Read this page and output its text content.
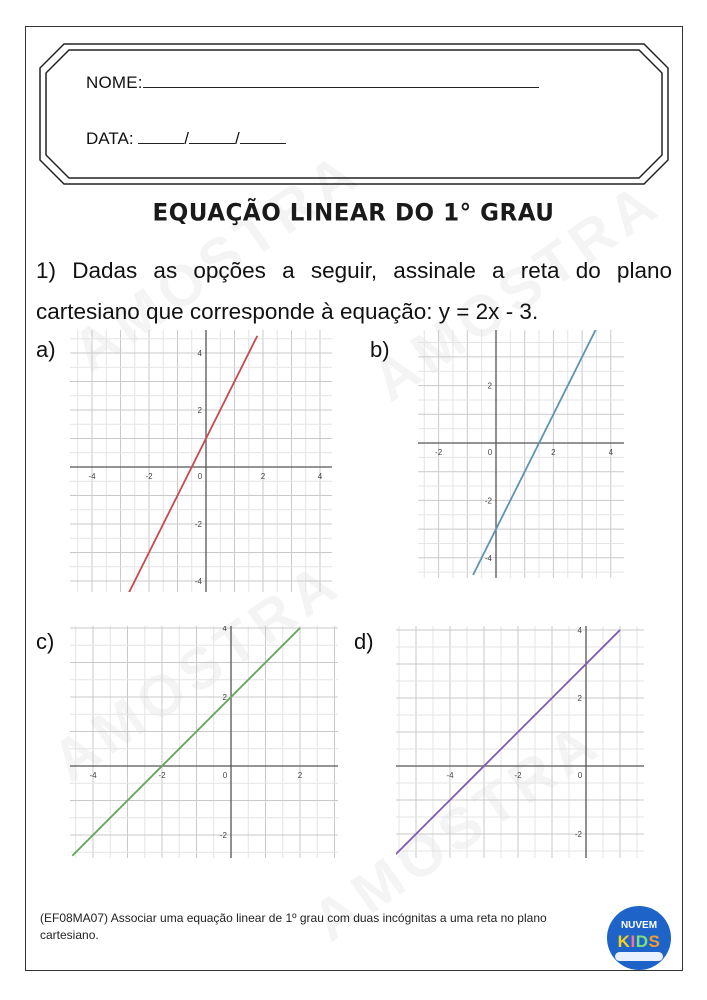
NOME:
DATA:	/	/
EQUAÇÃO LINEAR DO 1° GRAU
1) Dadas as opções a seguir, assinale a reta do plano cartesiano que corresponde à equação: y = 2x - 3.
a)	b)
c)	d)
-4	-2	0	2	4
4
2
-2
-4
-2	0	2	4
2
-2
-4
-4	-2	0	2
4
2
-2
-4	-2	0
4
2
-2
(EF08MA07) Associar uma equação linear de 1º grau com duas incógnitas a uma reta no plano cartesiano.
NUVEM
KIDS
